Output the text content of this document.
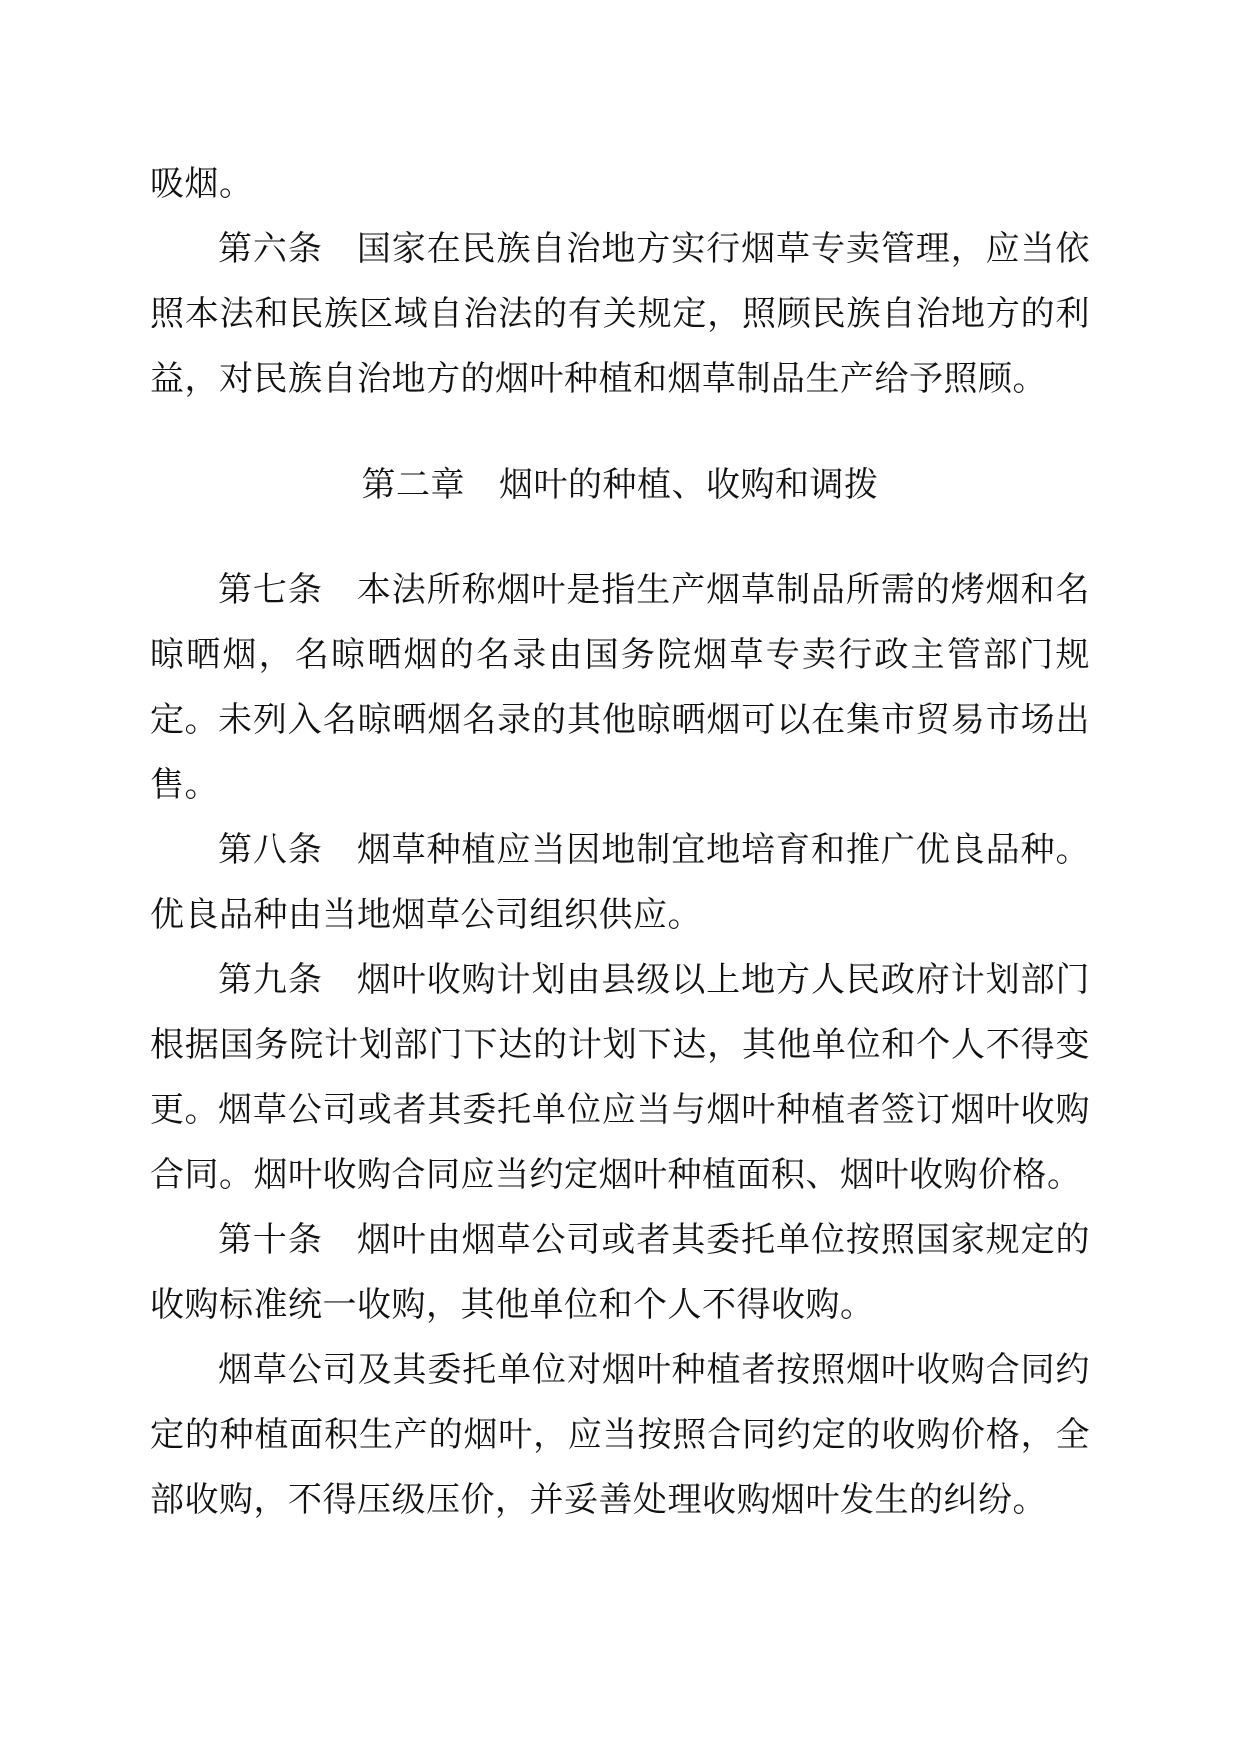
吸烟。

第六条 国家在民族自治地方实行烟草专卖管理，应当依照本法和民族区域自治法的有关规定，照顾民族自治地方的利益，对民族自治地方的烟叶种植和烟草制品生产给予照顾。

第二章 烟叶的种植、收购和调拨

第七条 本法所称烟叶是指生产烟草制品所需的烤烟和名晾晒烟，名晾晒烟的名录由国务院烟草专卖行政主管部门规定。 未列入名晾晒烟名录的其他晾晒烟可以在集市贸易市场出售。

第八条 烟草种植应当因地制宜地培育和推广优良品种。优良品种由当地烟草公司组织供应。

第九条 烟叶收购计划由县级以上地方人民政府计划部门根据国务院计划部门下达的计划下达，其他单位和个人不得变更。 烟草公司或者其委托单位应当与烟叶种植者签订烟叶收购合同。烟叶收购合同应当约定烟叶种植面积、烟叶收购价格。

第十条 烟叶由烟草公司或者其委托单位按照国家规定的收购标准统一收购，其他单位和个人不得收购。

烟草公司及其委托单位对烟叶种植者按照烟叶收购合同约定的种植面积生产的烟叶，应当按照合同约定的收购价格，全部收购，不得压级压价，并妥善处理收购烟叶发生的纠纷。
